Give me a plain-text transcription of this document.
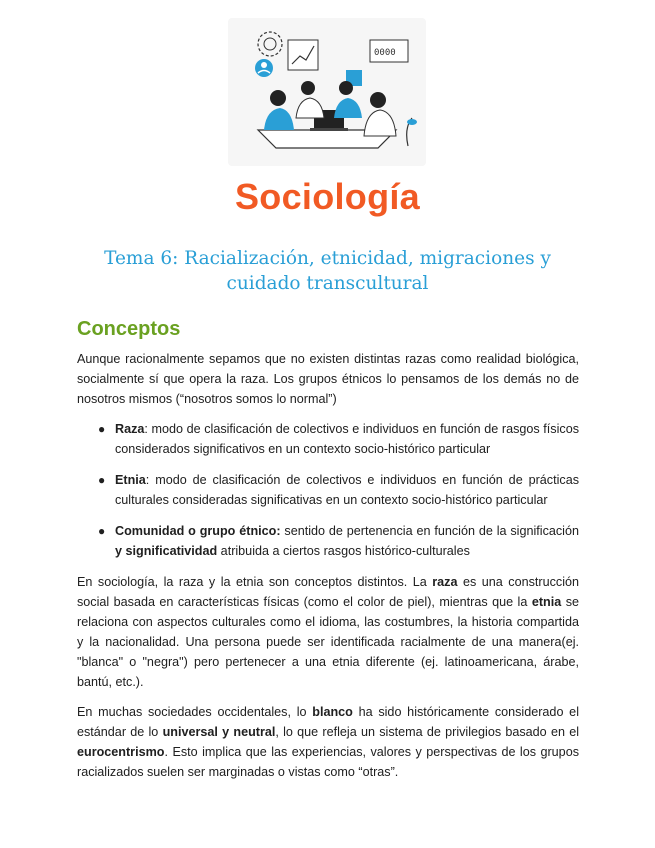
0000
Sociología
Tema 6: Racialización, etnicidad, migraciones y cuidado transcultural
Conceptos

Aunque racionalmente sepamos que no existen distintas razas como realidad biológica, socialmente sí que opera la raza. Los grupos étnicos lo pensamos de los demás no de nosotros mismos (“nosotros somos lo normal”)

● Raza: modo de clasificación de colectivos e individuos en función de rasgos físicos considerados significativos en un contexto socio-histórico particular
● Etnia: modo de clasificación de colectivos e individuos en función de prácticas culturales consideradas significativas en un contexto socio-histórico particular
● Comunidad o grupo étnico: sentido de pertenencia en función de la significación y significatividad atribuida a ciertos rasgos histórico-culturales

En sociología, la raza y la etnia son conceptos distintos. La raza es una construcción social basada en características físicas (como el color de piel), mientras que la etnia se relaciona con aspectos culturales como el idioma, las costumbres, la historia compartida y la nacionalidad. Una persona puede ser identificada racialmente de una manera(ej. "blanca" o "negra") pero pertenecer a una etnia diferente (ej. latinoamericana, árabe, bantú, etc.).

En muchas sociedades occidentales, lo blanco ha sido históricamente considerado el estándar de lo universal y neutral, lo que refleja un sistema de privilegios basado en el eurocentrismo. Esto implica que las experiencias, valores y perspectivas de los grupos racializados suelen ser marginadas o vistas como “otras”.
